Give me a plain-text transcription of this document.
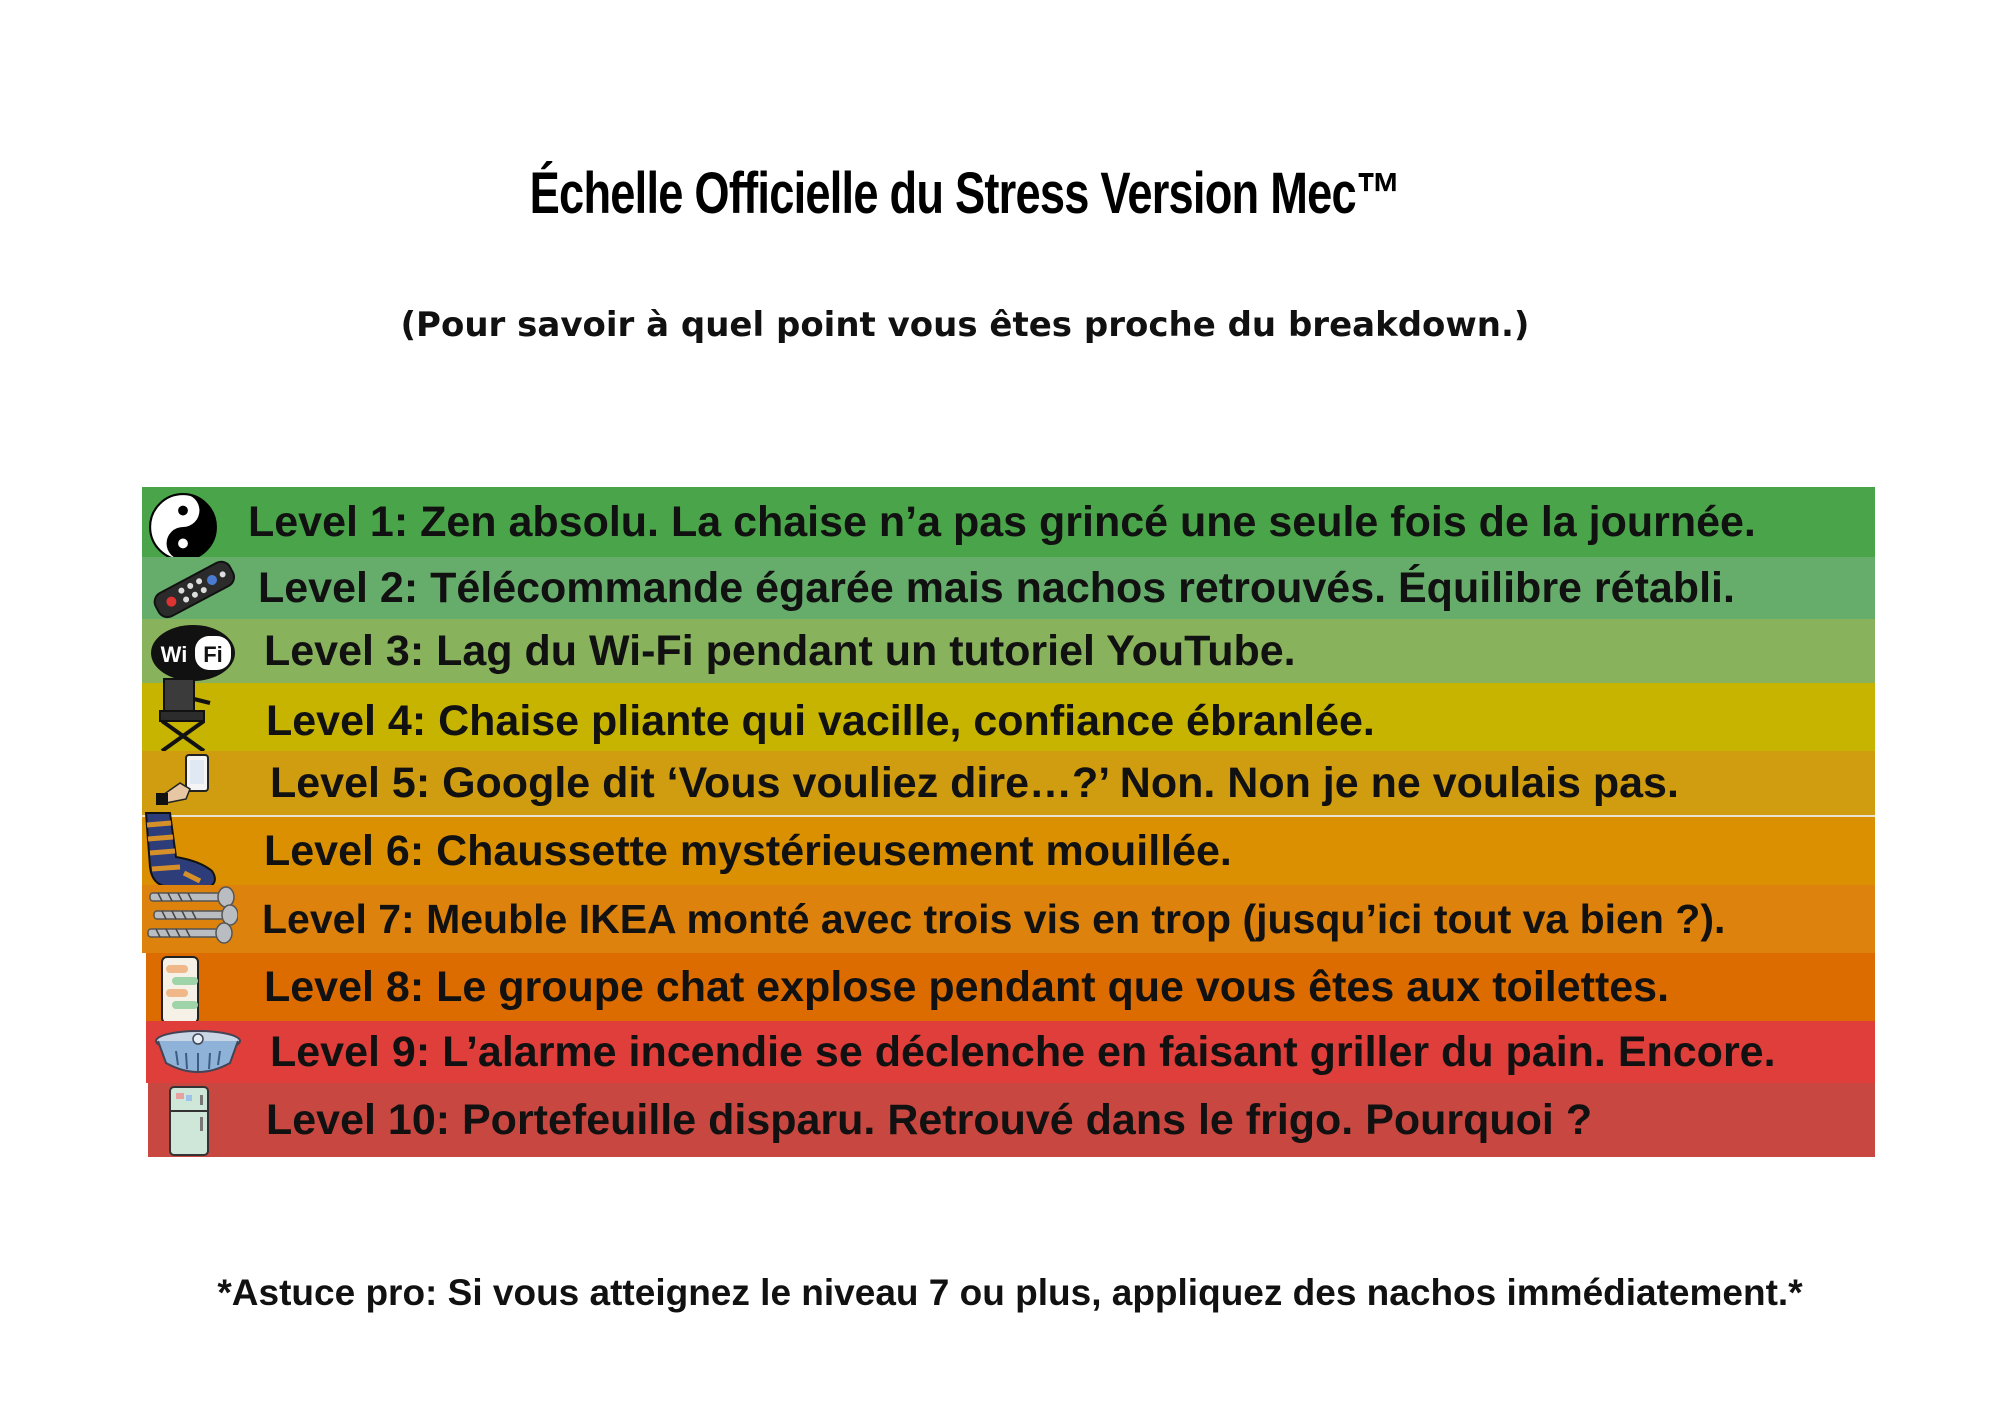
Échelle Officielle du Stress Version Mec™
(Pour savoir à quel point vous êtes proche du breakdown.)
Level 1: Zen absolu. La chaise n’a pas grincé une seule fois de la journée.
Level 2: Télécommande égarée mais nachos retrouvés. Équilibre rétabli.
Wi Fi Level 3: Lag du Wi-Fi pendant un tutoriel YouTube.
Level 4: Chaise pliante qui vacille, confiance ébranlée.
Level 5: Google dit ‘Vous vouliez dire…?’ Non. Non je ne voulais pas.
Level 6: Chaussette mystérieusement mouillée.
Level 7: Meuble IKEA monté avec trois vis en trop (jusqu’ici tout va bien ?).
Level 8: Le groupe chat explose pendant que vous êtes aux toilettes.
Level 9: L’alarme incendie se déclenche en faisant griller du pain. Encore.
Level 10: Portefeuille disparu. Retrouvé dans le frigo. Pourquoi ?
*Astuce pro: Si vous atteignez le niveau 7 ou plus, appliquez des nachos immédiatement.*
